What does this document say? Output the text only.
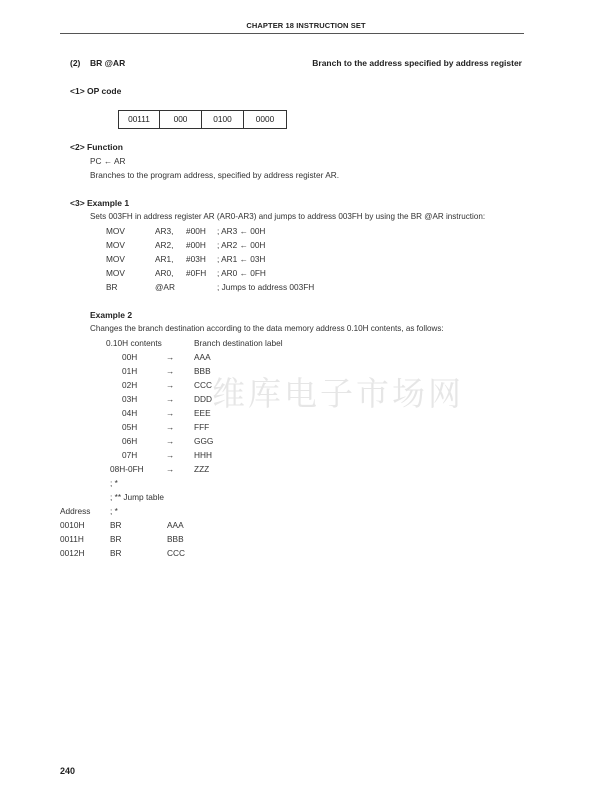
CHAPTER 18 INSTRUCTION SET
维库电子市场网
(2) BR @AR	Branch to the address specified by address register
<1> OP code
00111	000	0100	0000
<2> Function
PC ← AR
Branches to the program address, specified by address register AR.
<3> Example 1
Sets 003FH in address register AR (AR0-AR3) and jumps to address 003FH by using the BR @AR instruction:
MOV	AR3, #00H ; AR3 ← 00H
MOV	AR2, #00H ; AR2 ← 00H
MOV	AR1, #03H ; AR1 ← 03H
MOV	AR0, #0FH ; AR0 ← 0FH
BR	@AR	; Jumps to address 003FH
Example 2
Changes the branch destination according to the data memory address 0.10H contents, as follows:
0.10H contents	Branch destination label
00H	→ AAA
01H	→ BBB
02H	→ CCC
03H	→ DDD
04H	→ EEE
05H	→ FFF
06H	→ GGG
07H	→ HHH
08H-0FH	→ ZZZ
; *
; ** Jump table
Address ; *
0010H	BR	AAA
0011H	BR	BBB
0012H	BR	CCC
240
